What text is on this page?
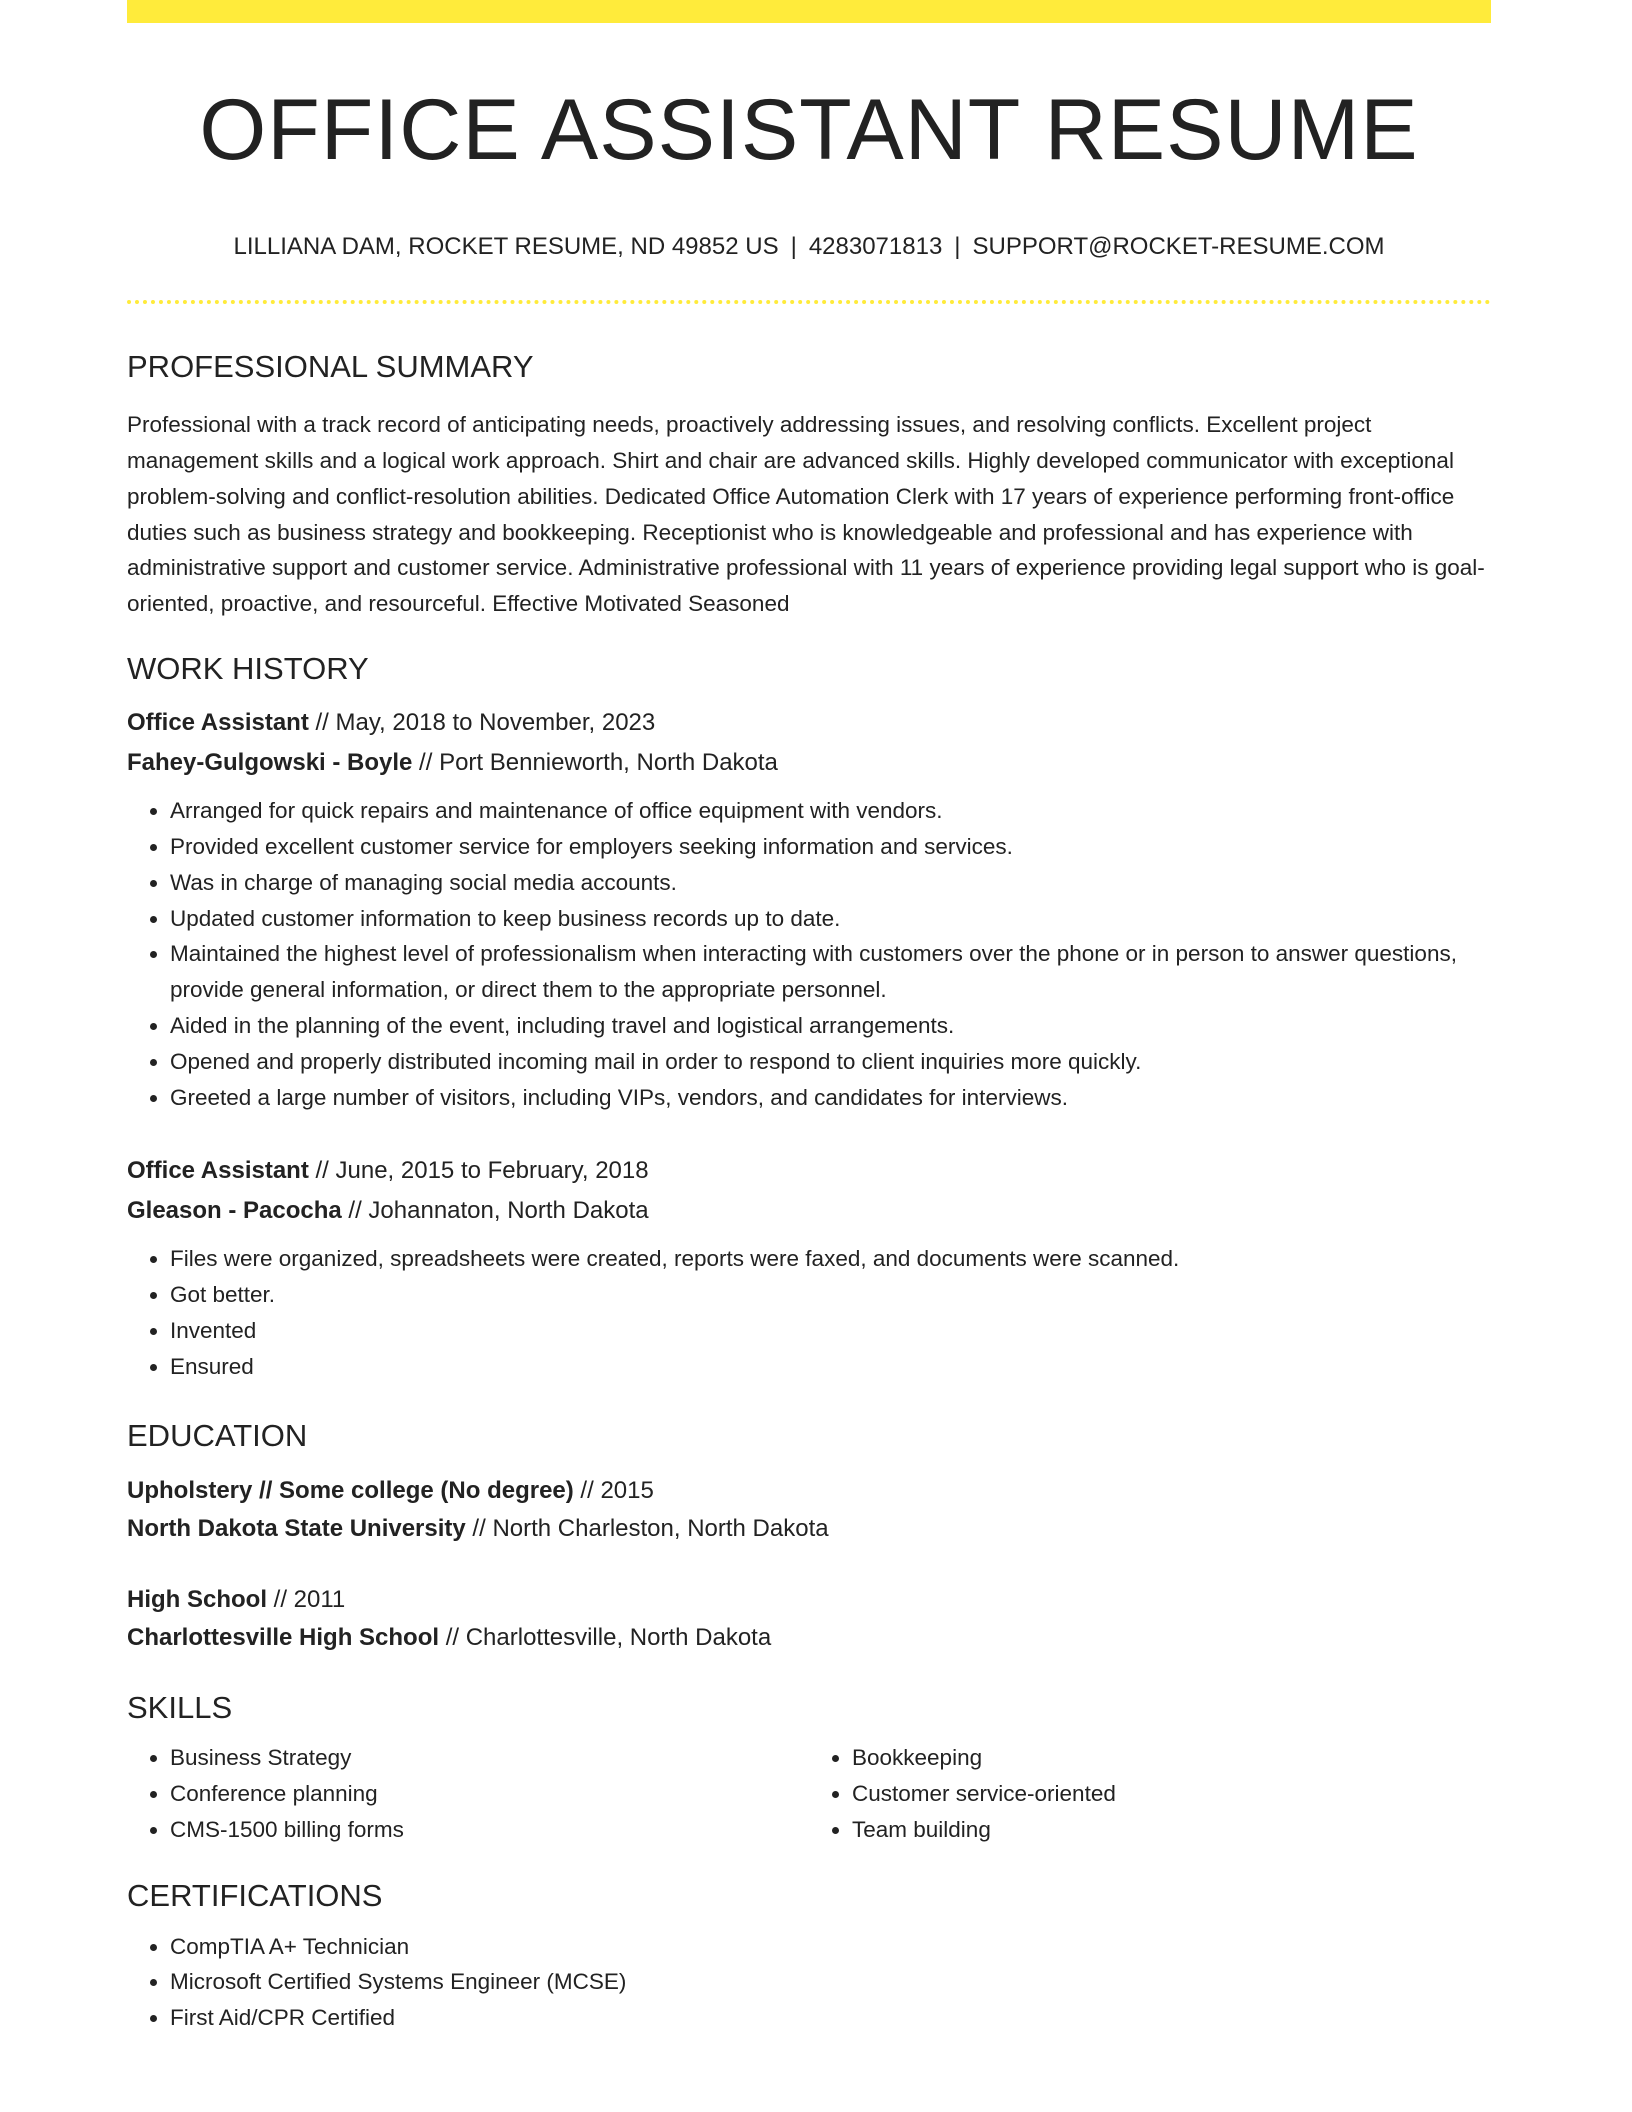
OFFICE ASSISTANT RESUME
LILLIANA DAM, ROCKET RESUME, ND 49852 US | 4283071813 | SUPPORT@ROCKET-RESUME.COM
PROFESSIONAL SUMMARY
Professional with a track record of anticipating needs, proactively addressing issues, and resolving conflicts. Excellent project management skills and a logical work approach. Shirt and chair are advanced skills. Highly developed communicator with exceptional problem-solving and conflict-resolution abilities. Dedicated Office Automation Clerk with 17 years of experience performing front-office duties such as business strategy and bookkeeping. Receptionist who is knowledgeable and professional and has experience with administrative support and customer service. Administrative professional with 11 years of experience providing legal support who is goal-oriented, proactive, and resourceful. Effective Motivated Seasoned
WORK HISTORY
Office Assistant // May, 2018 to November, 2023
Fahey-Gulgowski - Boyle // Port Bennieworth, North Dakota
• Arranged for quick repairs and maintenance of office equipment with vendors.
• Provided excellent customer service for employers seeking information and services.
• Was in charge of managing social media accounts.
• Updated customer information to keep business records up to date.
• Maintained the highest level of professionalism when interacting with customers over the phone or in person to answer questions, provide general information, or direct them to the appropriate personnel.
• Aided in the planning of the event, including travel and logistical arrangements.
• Opened and properly distributed incoming mail in order to respond to client inquiries more quickly.
• Greeted a large number of visitors, including VIPs, vendors, and candidates for interviews.
Office Assistant // June, 2015 to February, 2018
Gleason - Pacocha // Johannaton, North Dakota
• Files were organized, spreadsheets were created, reports were faxed, and documents were scanned.
• Got better.
• Invented
• Ensured
EDUCATION
Upholstery // Some college (No degree) // 2015
North Dakota State University // North Charleston, North Dakota
High School // 2011
Charlottesville High School // Charlottesville, North Dakota
SKILLS
• Business Strategy
• Conference planning
• CMS-1500 billing forms
• Bookkeeping
• Customer service-oriented
• Team building
CERTIFICATIONS
• CompTIA A+ Technician
• Microsoft Certified Systems Engineer (MCSE)
• First Aid/CPR Certified
